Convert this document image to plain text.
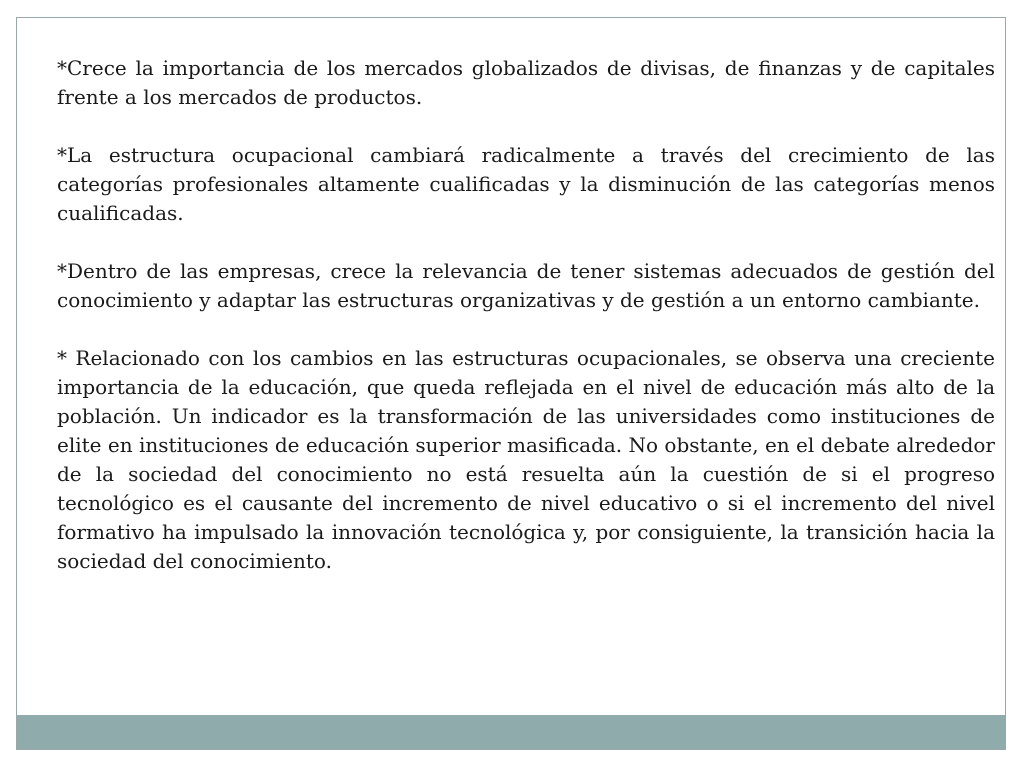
*Crece la importancia de los mercados globalizados de divisas, de finanzas y de capitales frente a los mercados de productos.

*La estructura ocupacional cambiará radicalmente a través del crecimiento de las categorías profesionales altamente cualificadas y la disminución de las categorías menos cualificadas.

*Dentro de las empresas, crece la relevancia de tener sistemas adecuados de gestión del conocimiento y adaptar las estructuras organizativas y de gestión a un entorno cambiante.

* Relacionado con los cambios en las estructuras ocupacionales, se observa una creciente importancia de la educación, que queda reflejada en el nivel de educación más alto de la población. Un indicador es la transformación de las universidades como instituciones de elite en instituciones de educación superior masificada. No obstante, en el debate alrededor de la sociedad del conocimiento no está resuelta aún la cuestión de si el progreso tecnológico es el causante del incremento de nivel educativo o si el incremento del nivel formativo ha impulsado la innovación tecnológica y, por consiguiente, la transición hacia la sociedad del conocimiento.
